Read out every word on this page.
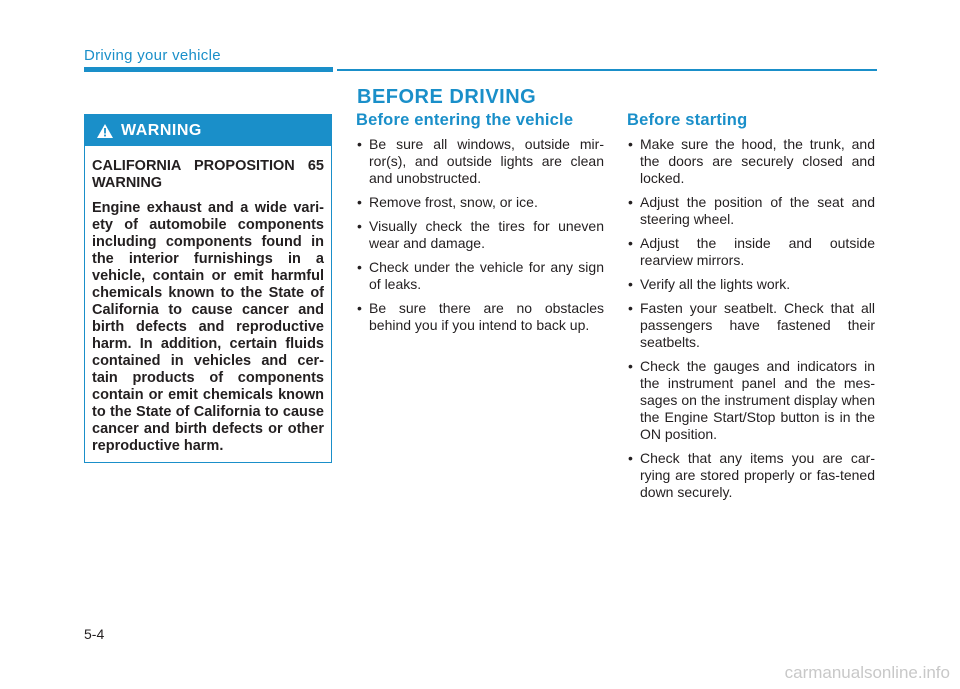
Driving your vehicle
BEFORE DRIVING
WARNING

CALIFORNIA PROPOSITION 65 WARNING

Engine exhaust and a wide vari-ety of automobile components including components found in the interior furnishings in a vehicle, contain or emit harmful chemicals known to the State of California to cause cancer and birth defects and reproductive harm. In addition, certain fluids contained in vehicles and cer-tain products of components contain or emit chemicals known to the State of California to cause cancer and birth defects or other reproductive harm.

Before entering the vehicle
• Be sure all windows, outside mir-ror(s), and outside lights are clean and unobstructed.
• Remove frost, snow, or ice.
• Visually check the tires for uneven wear and damage.
• Check under the vehicle for any sign of leaks.
• Be sure there are no obstacles behind you if you intend to back up.
Before starting
• Make sure the hood, the trunk, and the doors are securely closed and locked.
• Adjust the position of the seat and steering wheel.
• Adjust the inside and outside rearview mirrors.
• Verify all the lights work.
• Fasten your seatbelt. Check that all passengers have fastened their seatbelts.
• Check the gauges and indicators in the instrument panel and the mes-sages on the instrument display when the Engine Start/Stop button is in the ON position.
• Check that any items you are car-rying are stored properly or fas-tened down securely.
5-4
carmanualsonline.info
